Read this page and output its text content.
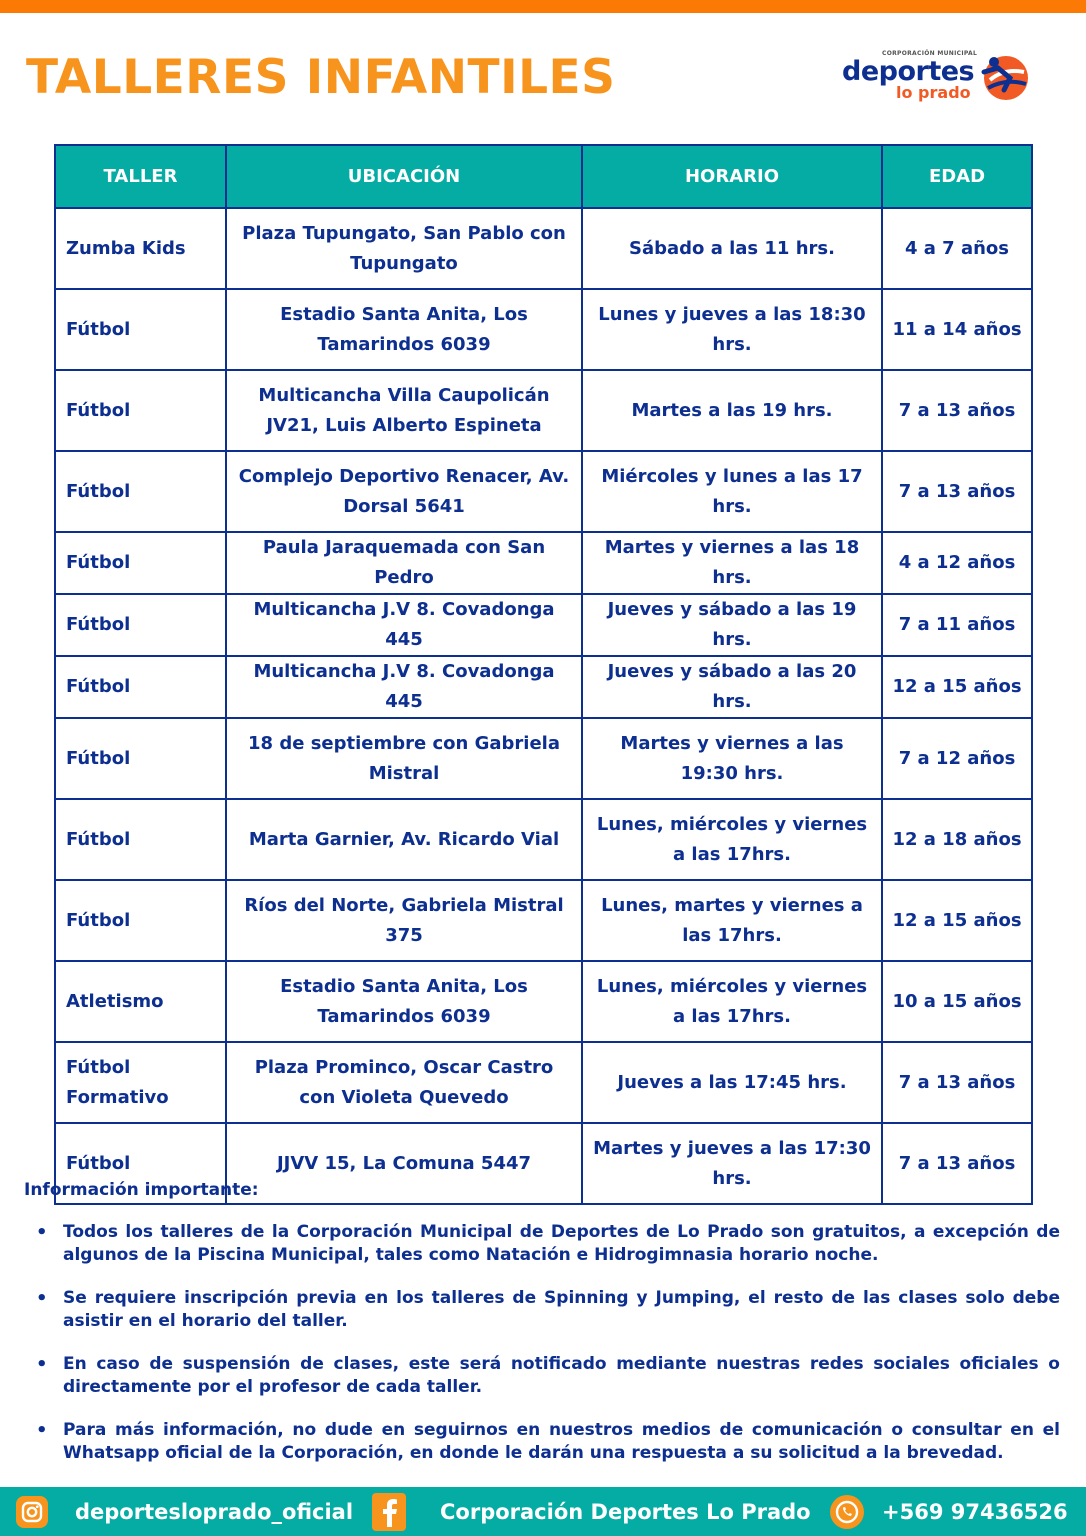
TALLERES INFANTILES	CORPORACIÓN MUNICIPAL
deportes
lo prado
TALLER	UBICACIÓN	HORARIO	EDAD
Zumba Kids	Plaza Tupungato, San Pablo con Tupungato	Sábado a las 11 hrs.	4 a 7 años
Fútbol	Estadio Santa Anita, Los Tamarindos 6039	Lunes y jueves a las 18:30 hrs.	11 a 14 años
Fútbol	Multicancha Villa Caupolicán JV21, Luis Alberto Espineta	Martes a las 19 hrs.	7 a 13 años
Fútbol	Complejo Deportivo Renacer, Av. Dorsal 5641	Miércoles y lunes a las 17 hrs.	7 a 13 años
Fútbol	Paula Jaraquemada con San Pedro	Martes y viernes a las 18 hrs.	4 a 12 años
Fútbol	Multicancha J.V 8. Covadonga 445	Jueves y sábado a las 19 hrs.	7 a 11 años
Fútbol	Multicancha J.V 8. Covadonga 445	Jueves y sábado a las 20 hrs.	12 a 15 años
Fútbol	18 de septiembre con Gabriela Mistral	Martes y viernes a las 19:30 hrs.	7 a 12 años
Fútbol	Marta Garnier, Av. Ricardo Vial	Lunes, miércoles y viernes a las 17hrs.	12 a 18 años
Fútbol	Ríos del Norte, Gabriela Mistral 375	Lunes, martes y viernes a las 17hrs.	12 a 15 años
Atletismo	Estadio Santa Anita, Los Tamarindos 6039	Lunes, miércoles y viernes a las 17hrs.	10 a 15 años
Fútbol Formativo	Plaza Prominco, Oscar Castro con Violeta Quevedo	Jueves a las 17:45 hrs.	7 a 13 años
Fútbol	JJVV 15, La Comuna 5447	Martes y jueves a las 17:30 hrs.	7 a 13 años
Información importante:
• Todos los talleres de la Corporación Municipal de Deportes de Lo Prado son gratuitos, a excepción de algunos de la Piscina Municipal, tales como Natación e Hidrogimnasia horario noche.
• Se requiere inscripción previa en los talleres de Spinning y Jumping, el resto de las clases solo debe asistir en el horario del taller.
• En caso de suspensión de clases, este será notificado mediante nuestras redes sociales oficiales o directamente por el profesor de cada taller.
• Para más información, no dude en seguirnos en nuestros medios de comunicación o consultar en el Whatsapp oficial de la Corporación, en donde le darán una respuesta a su solicitud a la brevedad.
deporteslopradο_oficial	Corporación Deportes Lo Prado	+569 97436526
